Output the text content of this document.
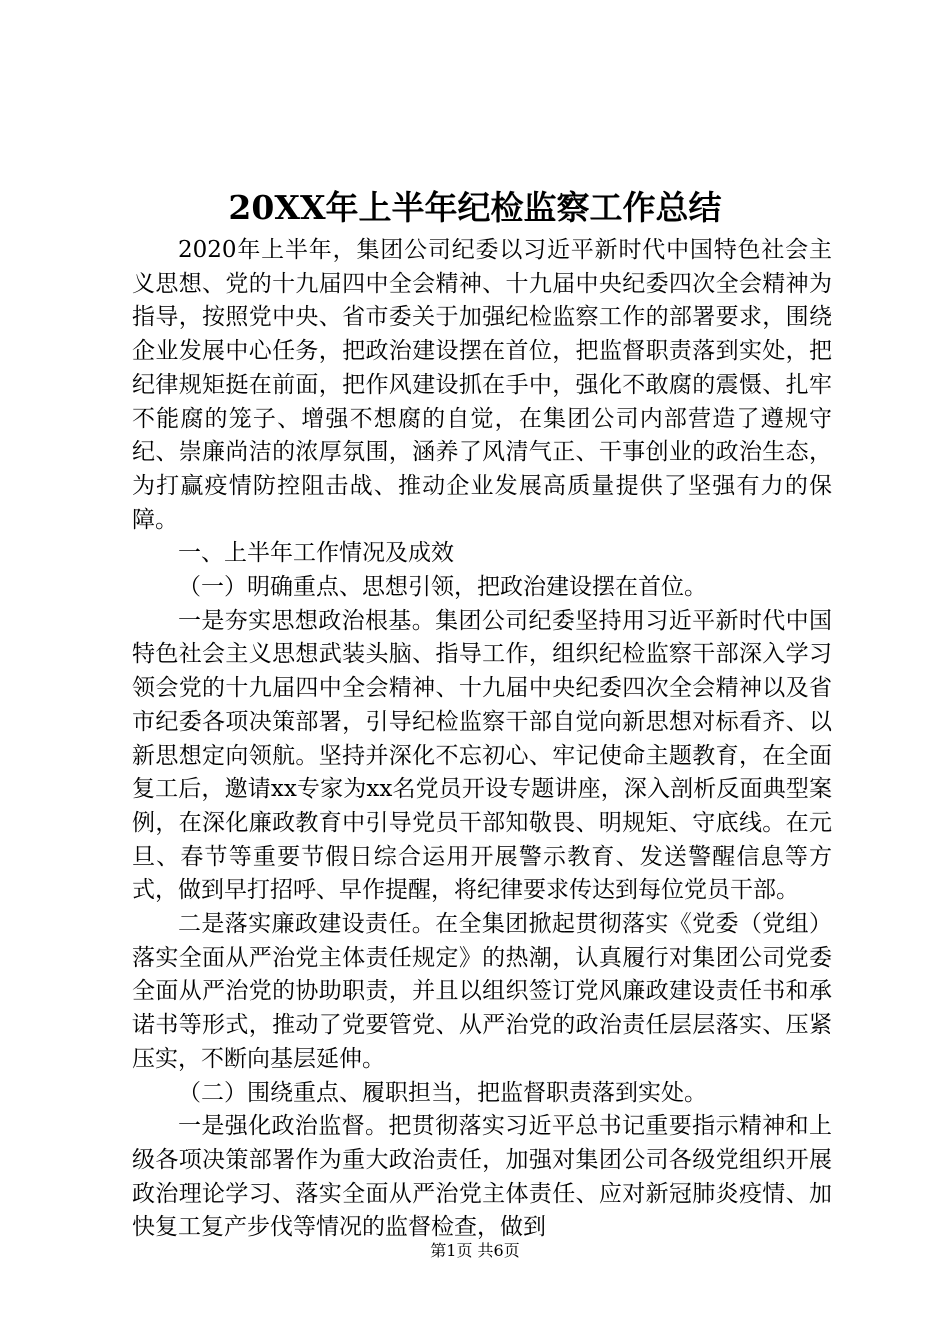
20XX年上半年纪检监察工作总结

2020年上半年，集团公司纪委以习近平新时代中国特色社会主义思想、党的十九届四中全会精神、十九届中央纪委四次全会精神为指导，按照党中央、省市委关于加强纪检监察工作的部署要求，围绕企业发展中心任务，把政治建设摆在首位，把监督职责落到实处，把纪律规矩挺在前面，把作风建设抓在手中，强化不敢腐的震慑、扎牢不能腐的笼子、增强不想腐的自觉，在集团公司内部营造了遵规守纪、崇廉尚洁的浓厚氛围，涵养了风清气正、干事创业的政治生态，为打赢疫情防控阻击战、推动企业发展高质量提供了坚强有力的保障。

一、上半年工作情况及成效

（一）明确重点、思想引领，把政治建设摆在首位。

一是夯实思想政治根基。集团公司纪委坚持用习近平新时代中国特色社会主义思想武装头脑、指导工作，组织纪检监察干部深入学习领会党的十九届四中全会精神、十九届中央纪委四次全会精神以及省市纪委各项决策部署，引导纪检监察干部自觉向新思想对标看齐、以新思想定向领航。坚持并深化不忘初心、牢记使命主题教育，在全面复工后，邀请xx专家为xx名党员开设专题讲座，深入剖析反面典型案例，在深化廉政教育中引导党员干部知敬畏、明规矩、守底线。在元旦、春节等重要节假日综合运用开展警示教育、发送警醒信息等方式，做到早打招呼、早作提醒，将纪律要求传达到每位党员干部。

二是落实廉政建设责任。在全集团掀起贯彻落实《党委（党组）落实全面从严治党主体责任规定》的热潮，认真履行对集团公司党委全面从严治党的协助职责，并且以组织签订党风廉政建设责任书和承诺书等形式，推动了党要管党、从严治党的政治责任层层落实、压紧压实，不断向基层延伸。

（二）围绕重点、履职担当，把监督职责落到实处。

一是强化政治监督。把贯彻落实习近平总书记重要指示精神和上级各项决策部署作为重大政治责任，加强对集团公司各级党组织开展政治理论学习、落实全面从严治党主体责任、应对新冠肺炎疫情、加快复工复产步伐等情况的监督检查，做到

第1页 共6页
